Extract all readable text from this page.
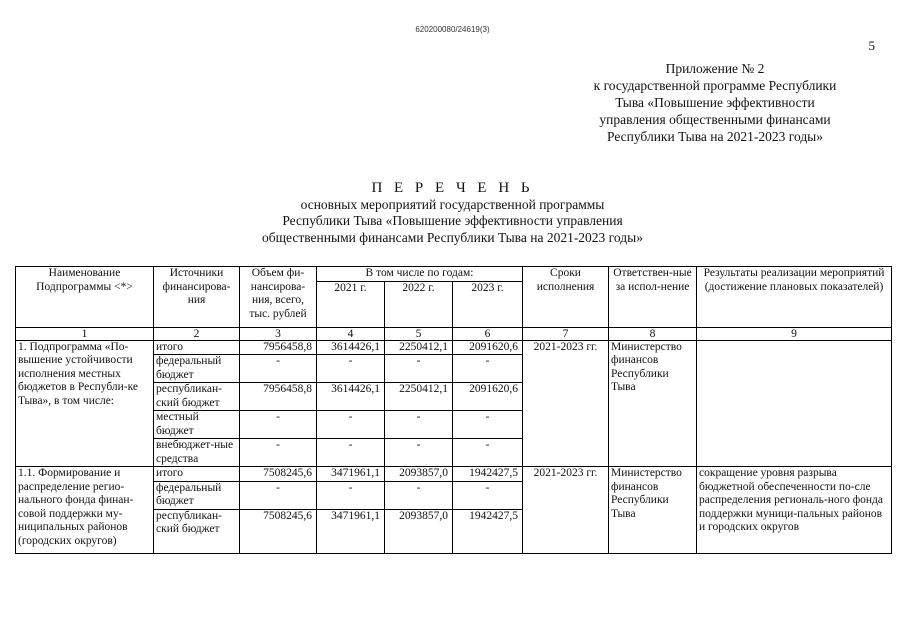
620200080/24619(3)
5
Приложение № 2
к государственной программе Республики
Тыва «Повышение эффективности
управления общественными финансами
Республики Тыва на 2021-2023 годы»
П Е Р Е Ч Е Н Ь
основных мероприятий государственной программы
Республики Тыва «Повышение эффективности управления
общественными финансами Республики Тыва на 2021-2023 годы»
Наименование Подпрограммы <*>	Источники финансирова-ния	Объем фи-нансирова-ния, всего, тыс. рублей	В том числе по годам:			Сроки исполнения	Ответствен-ные за испол-нение	Результаты реализации мероприятий (достижение плановых показателей)
			2021 г.	2022 г.	2023 г.			
1	2	3	4	5	6	7	8	9
1. Подпрограмма «По-вышение устойчивости исполнения местных бюджетов в Республи-ке Тыва», в том числе:	итого	7956458,8	3614426,1	2250412,1	2091620,6	2021-2023 гг.	Министерство финансов Республики Тыва	
	федеральный бюджет	-	-	-	-			
	республикан-ский бюджет	7956458,8	3614426,1	2250412,1	2091620,6			
	местный бюджет	-	-	-	-			
	внебюджет-ные средства	-	-	-	-			
1.1. Формирование и распределение регио-нального фонда финан-совой поддержки му-ниципальных районов (городских округов)	итого	7508245,6	3471961,1	2093857,0	1942427,5	2021-2023 гг.	Министерство финансов Республики Тыва	сокращение уровня разрыва бюджетной обеспеченности по-сле распределения региональ-ного фонда поддержки муници-пальных районов и городских округов
	федеральный бюджет	-	-	-	-			
	республикан-ский бюджет	7508245,6	3471961,1	2093857,0	1942427,5			
